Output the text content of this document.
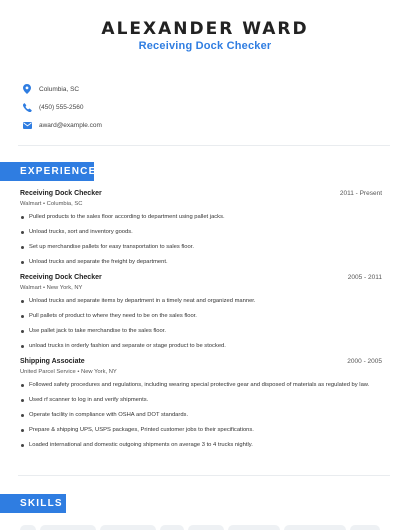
ALEXANDER WARD
Receiving Dock Checker
Columbia, SC
(450) 555-2560
award@example.com
EXPERIENCE
Receiving Dock Checker	2011 - Present
Walmart • Columbia, SC
Pulled products to the sales floor according to department using pallet jacks.
Unload trucks, sort and inventory goods.
Set up merchandise pallets for easy transportation to sales floor.
Unload trucks and separate the freight by department.
Receiving Dock Checker	2005 - 2011
Walmart • New York, NY
Unload trucks and separate items by department in a timely neat and organized manner.
Pull pallets of product to where they need to be on the sales floor.
Use pallet jack to take merchandise to the sales floor.
unload trucks in orderly fashion and separate or stage product to be stocked.
Shipping Associate	2000 - 2005
United Parcel Service • New York, NY
Followed safety procedures and regulations, including wearing special protective gear and disposed of materials as regulated by law.
Used rf scanner to log in and verify shipments.
Operate facility in compliance with OSHA and DOT standards.
Prepare & shipping UPS, USPS packages, Printed customer jobs to their specifications.
Loaded international and domestic outgoing shipments on average 3 to 4 trucks nightly.
SKILLS
